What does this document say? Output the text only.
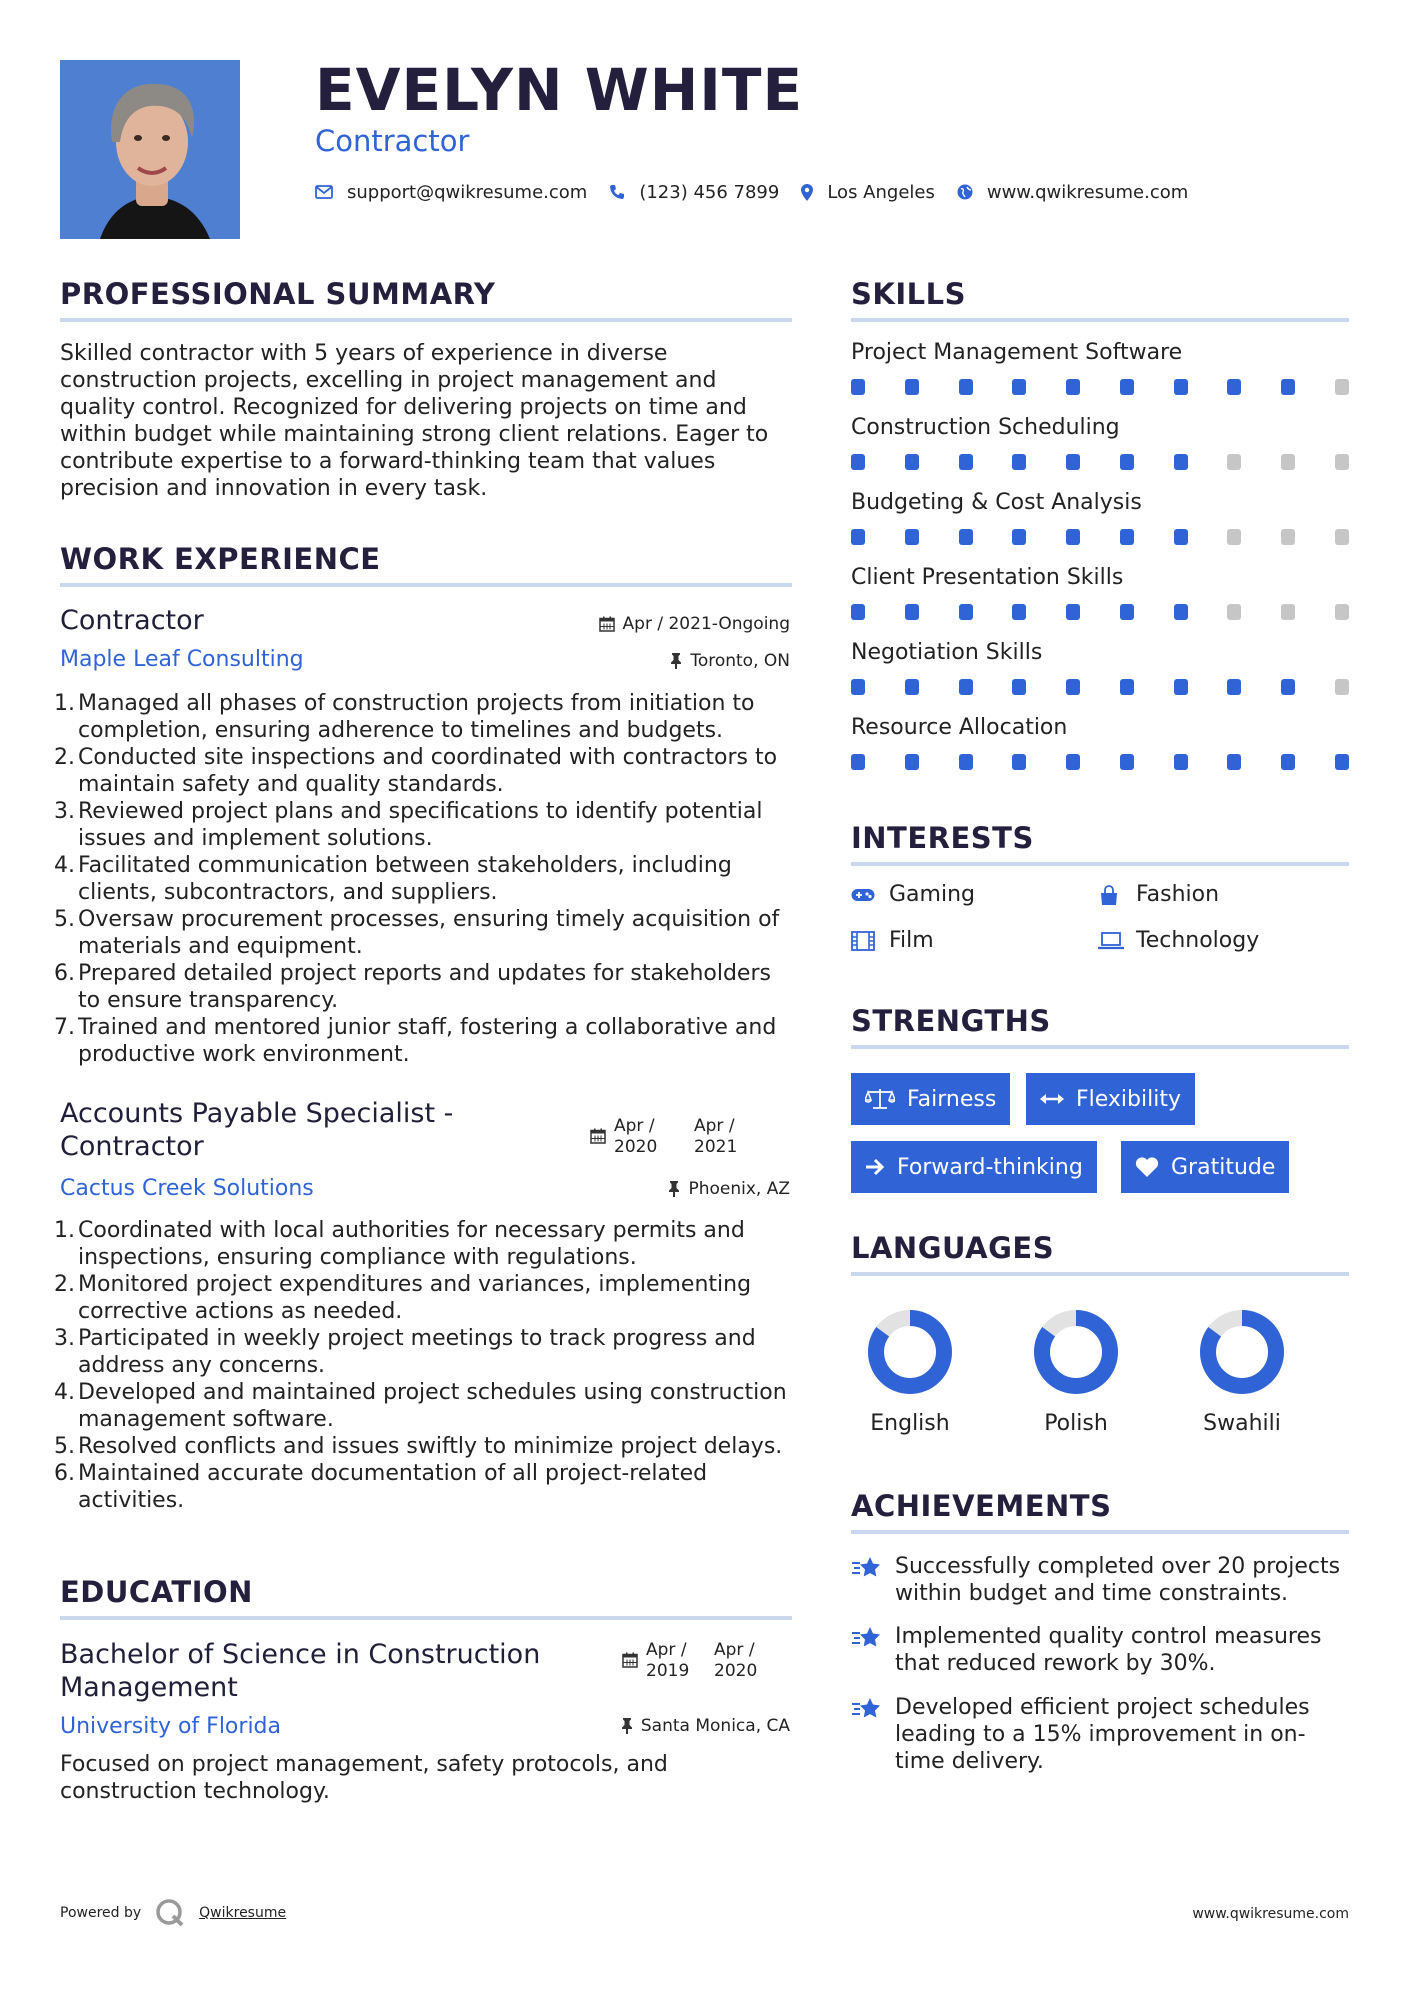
EVELYN WHITE
Contractor
support@qwikresume.com	(123) 456 7899	Los Angeles	www.qwikresume.com
PROFESSIONAL SUMMARY
Skilled contractor with 5 years of experience in diverse construction projects, excelling in project management and quality control. Recognized for delivering projects on time and within budget while maintaining strong client relations. Eager to contribute expertise to a forward-thinking team that values precision and innovation in every task.
WORK EXPERIENCE
Contractor	Apr / 2021-Ongoing
Maple Leaf Consulting	Toronto, ON
1. Managed all phases of construction projects from initiation to completion, ensuring adherence to timelines and budgets.
2. Conducted site inspections and coordinated with contractors to maintain safety and quality standards.
3. Reviewed project plans and specifications to identify potential issues and implement solutions.
4. Facilitated communication between stakeholders, including clients, subcontractors, and suppliers.
5. Oversaw procurement processes, ensuring timely acquisition of materials and equipment.
6. Prepared detailed project reports and updates for stakeholders to ensure transparency.
7. Trained and mentored junior staff, fostering a collaborative and productive work environment.
Accounts Payable Specialist - Contractor
Apr / 2020
Apr / 2021
Cactus Creek Solutions	Phoenix, AZ
1. Coordinated with local authorities for necessary permits and inspections, ensuring compliance with regulations.
2. Monitored project expenditures and variances, implementing corrective actions as needed.
3. Participated in weekly project meetings to track progress and address any concerns.
4. Developed and maintained project schedules using construction management software.
5. Resolved conflicts and issues swiftly to minimize project delays.
6. Maintained accurate documentation of all project-related activities.
EDUCATION
Bachelor of Science in Construction Management
Apr / 2019
Apr / 2020
University of Florida	Santa Monica, CA
Focused on project management, safety protocols, and construction technology.
SKILLS
Project Management Software
Construction Scheduling
Budgeting & Cost Analysis
Client Presentation Skills
Negotiation Skills
Resource Allocation
INTERESTS
Gaming	Fashion
Film	Technology
STRENGTHS
Fairness	Flexibility
Forward-thinking	Gratitude
LANGUAGES
English	Polish	Swahili
ACHIEVEMENTS
Successfully completed over 20 projects within budget and time constraints.
Implemented quality control measures that reduced rework by 30%.
Developed efficient project schedules leading to a 15% improvement in on-time delivery.
Powered by	Qwikresume	www.qwikresume.com
